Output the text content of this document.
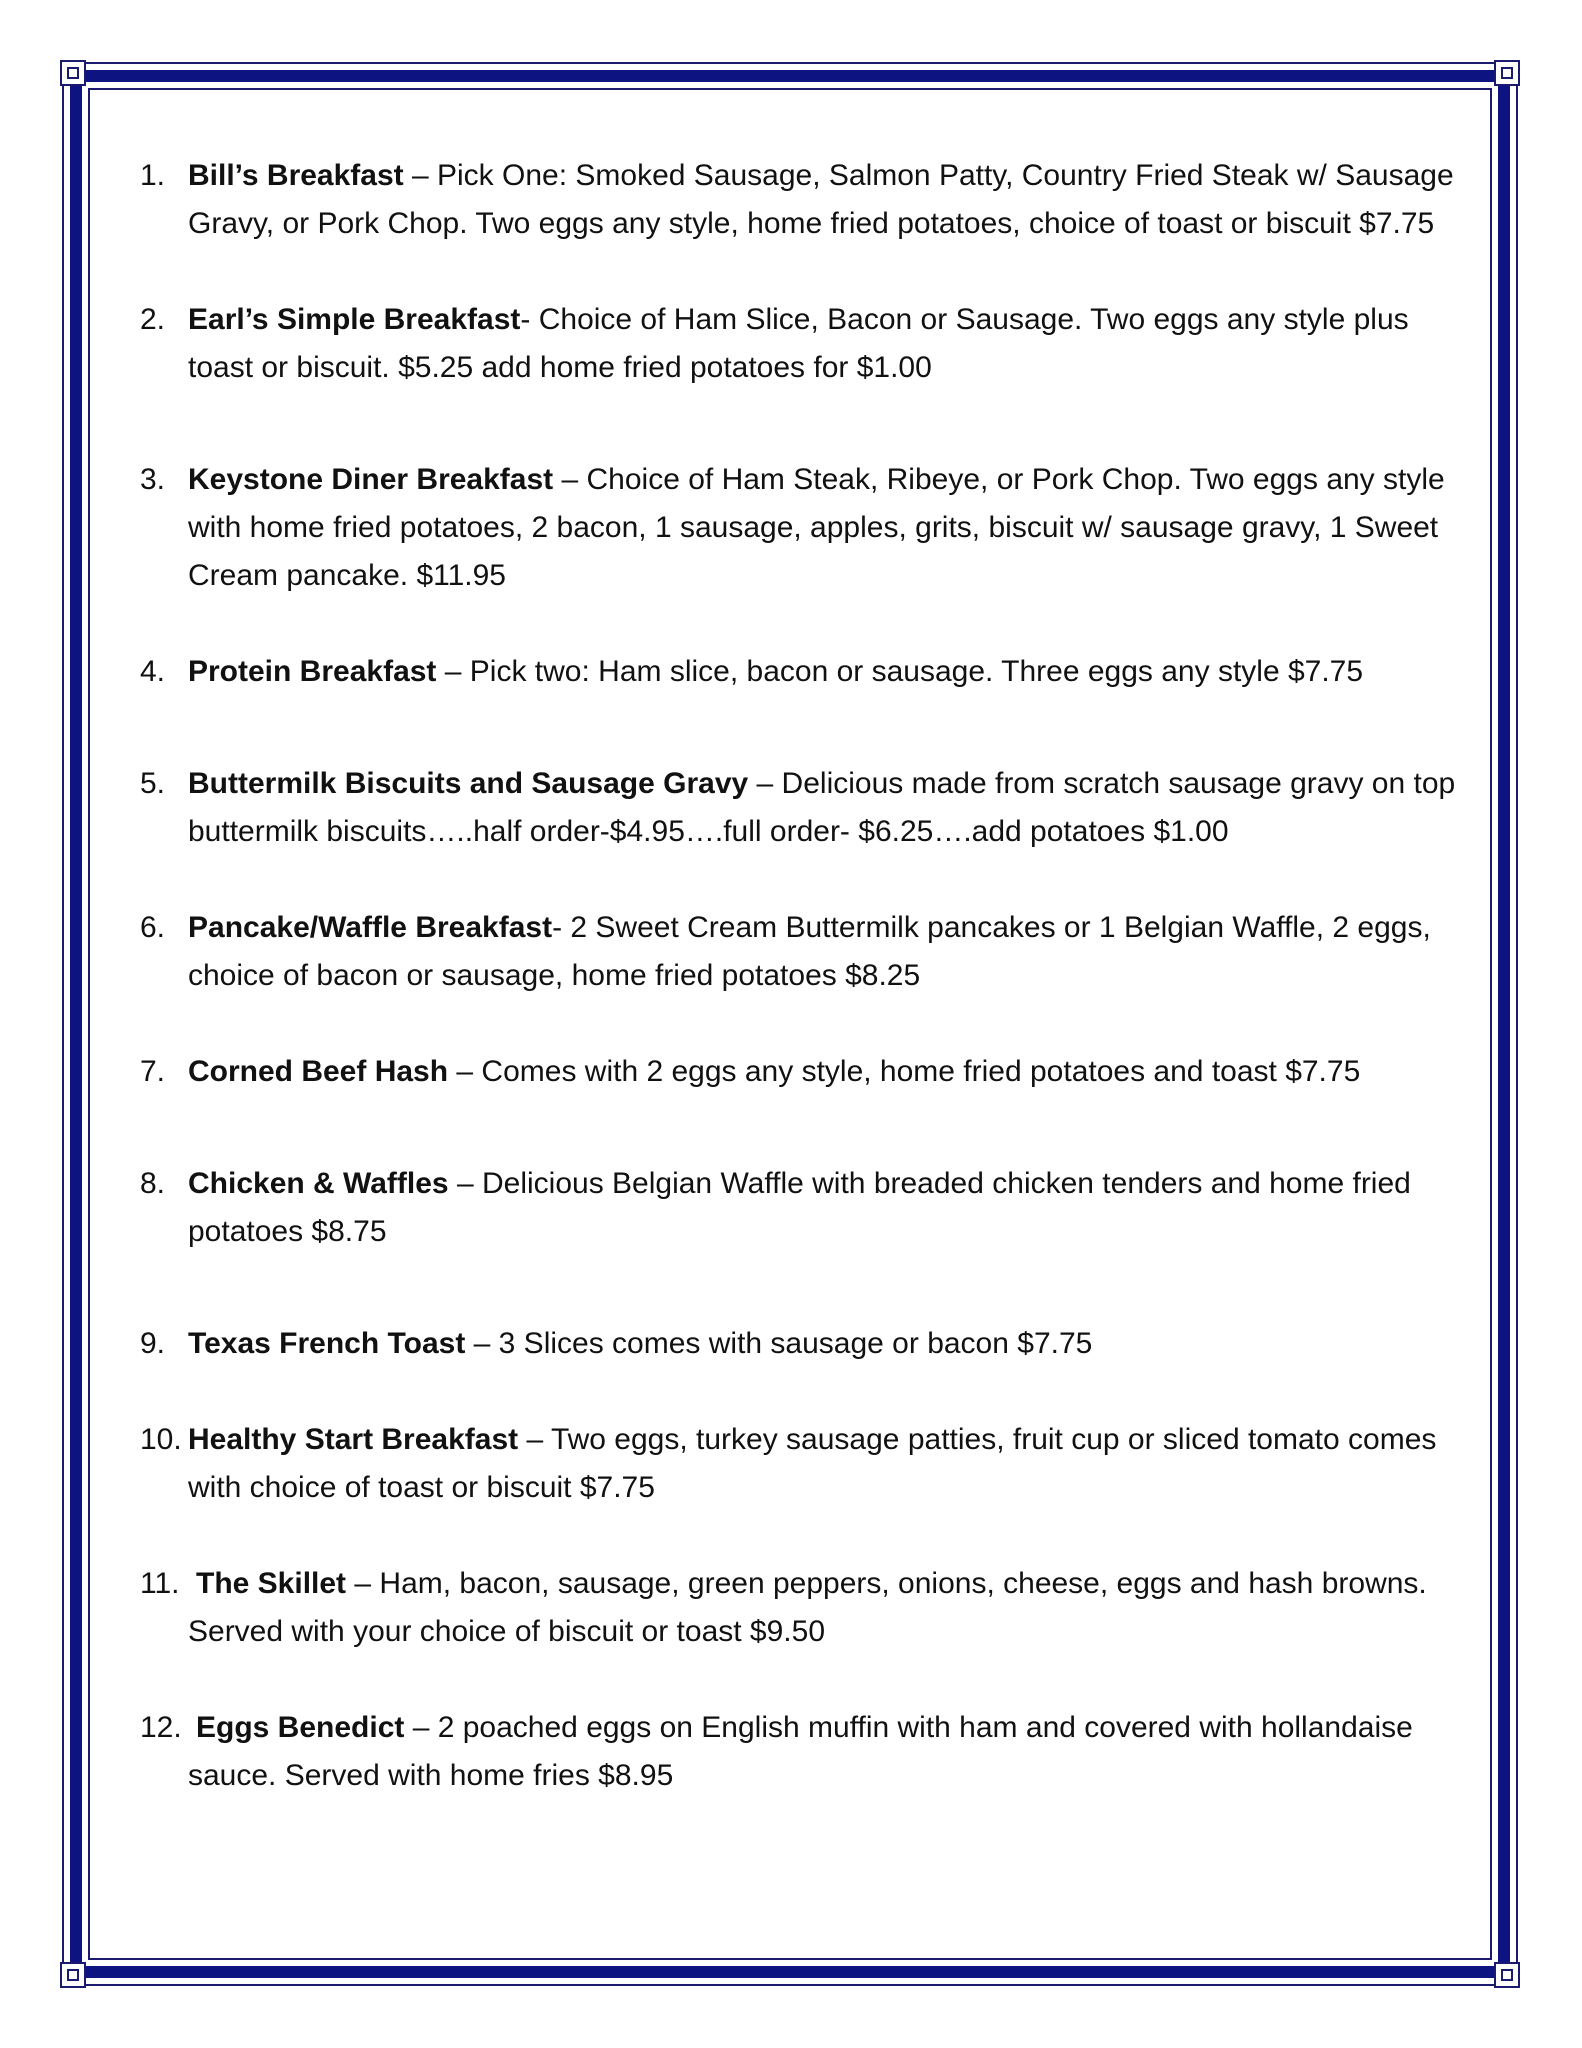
1. Bill’s Breakfast – Pick One: Smoked Sausage, Salmon Patty, Country Fried Steak w/ Sausage Gravy, or Pork Chop. Two eggs any style, home fried potatoes, choice of toast or biscuit $7.75
2. Earl’s Simple Breakfast- Choice of Ham Slice, Bacon or Sausage. Two eggs any style plus toast or biscuit. $5.25 add home fried potatoes for $1.00
3. Keystone Diner Breakfast – Choice of Ham Steak, Ribeye, or Pork Chop. Two eggs any style with home fried potatoes, 2 bacon, 1 sausage, apples, grits, biscuit w/ sausage gravy, 1 Sweet Cream pancake. $11.95
4. Protein Breakfast – Pick two: Ham slice, bacon or sausage. Three eggs any style $7.75
5. Buttermilk Biscuits and Sausage Gravy – Delicious made from scratch sausage gravy on top buttermilk biscuits…..half order-$4.95….full order- $6.25….add potatoes $1.00
6. Pancake/Waffle Breakfast- 2 Sweet Cream Buttermilk pancakes or 1 Belgian Waffle, 2 eggs, choice of bacon or sausage, home fried potatoes $8.25
7. Corned Beef Hash – Comes with 2 eggs any style, home fried potatoes and toast $7.75
8. Chicken & Waffles – Delicious Belgian Waffle with breaded chicken tenders and home fried potatoes $8.75
9. Texas French Toast – 3 Slices comes with sausage or bacon $7.75
10. Healthy Start Breakfast – Two eggs, turkey sausage patties, fruit cup or sliced tomato comes with choice of toast or biscuit $7.75
11. The Skillet – Ham, bacon, sausage, green peppers, onions, cheese, eggs and hash browns. Served with your choice of biscuit or toast $9.50
12. Eggs Benedict – 2 poached eggs on English muffin with ham and covered with hollandaise sauce. Served with home fries $8.95
